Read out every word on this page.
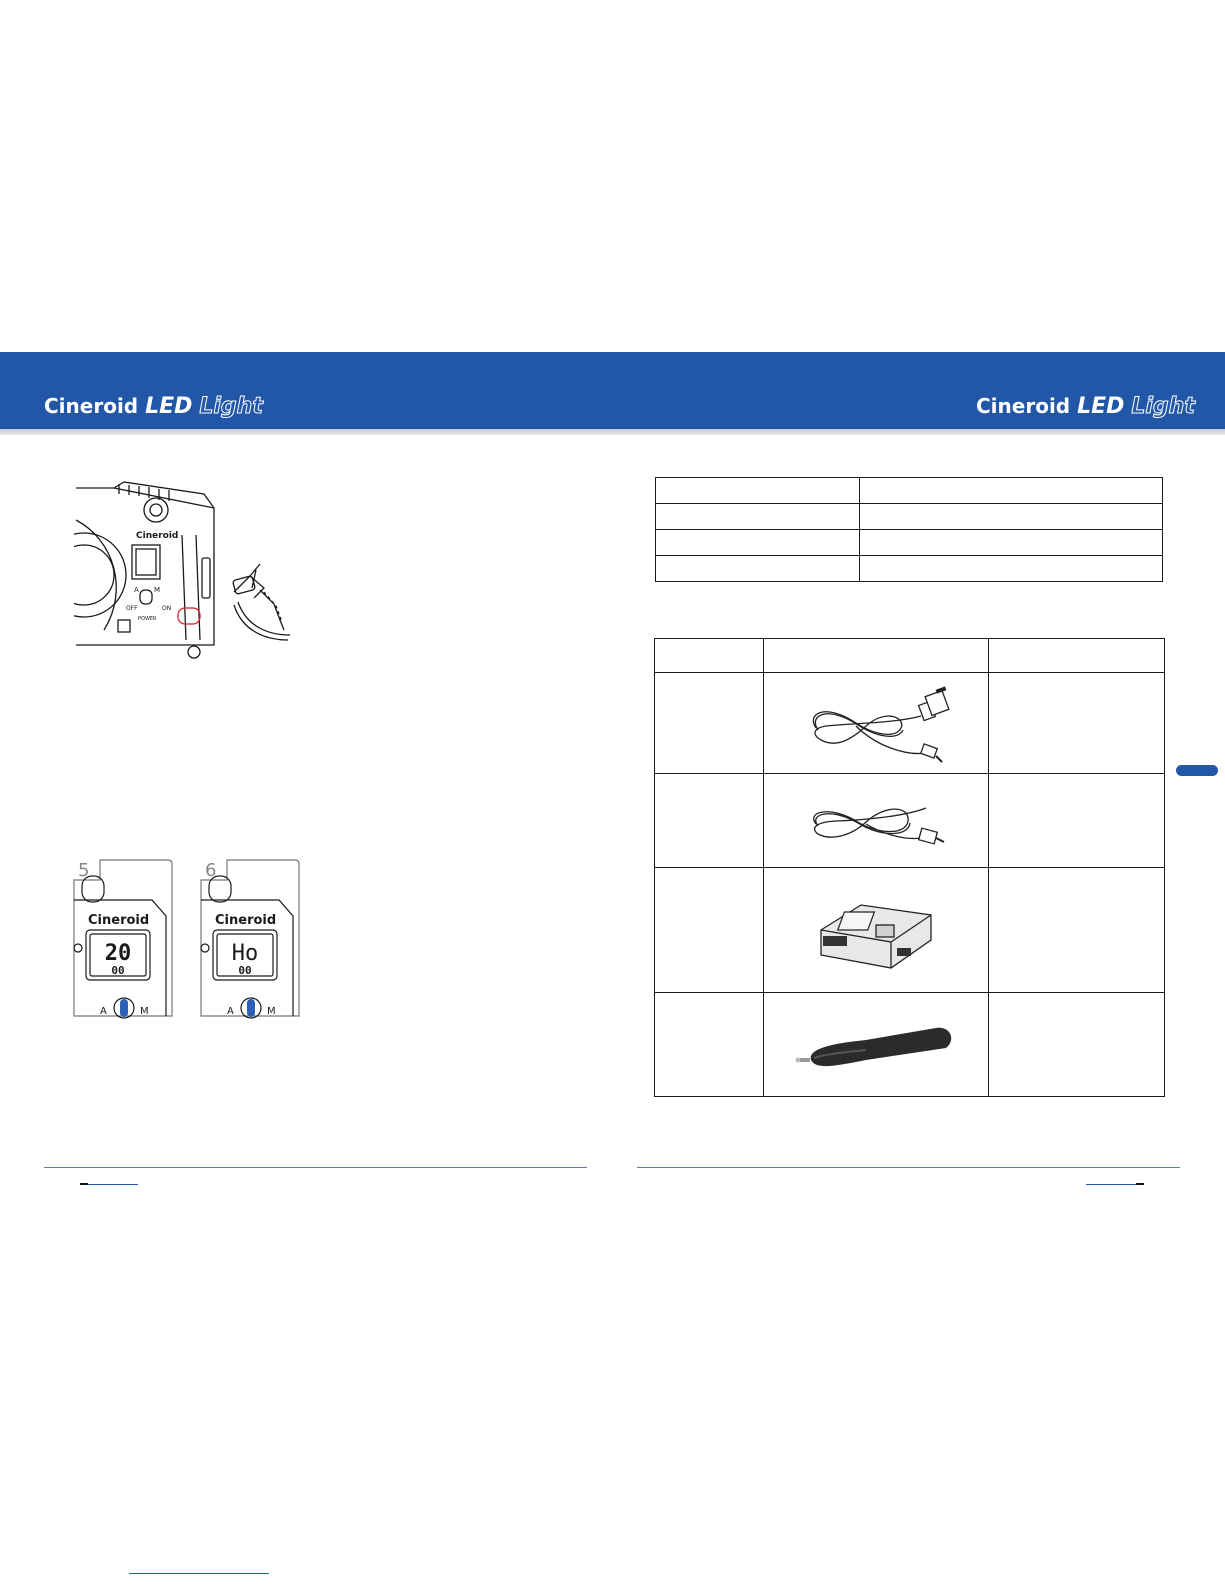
Cineroid LED Light	Cineroid LED Light
Cineroid
A M
OFF	ON
POWER
5
Cineroid
20
00
A	M
6
Cineroid
Ho
00
A	M
